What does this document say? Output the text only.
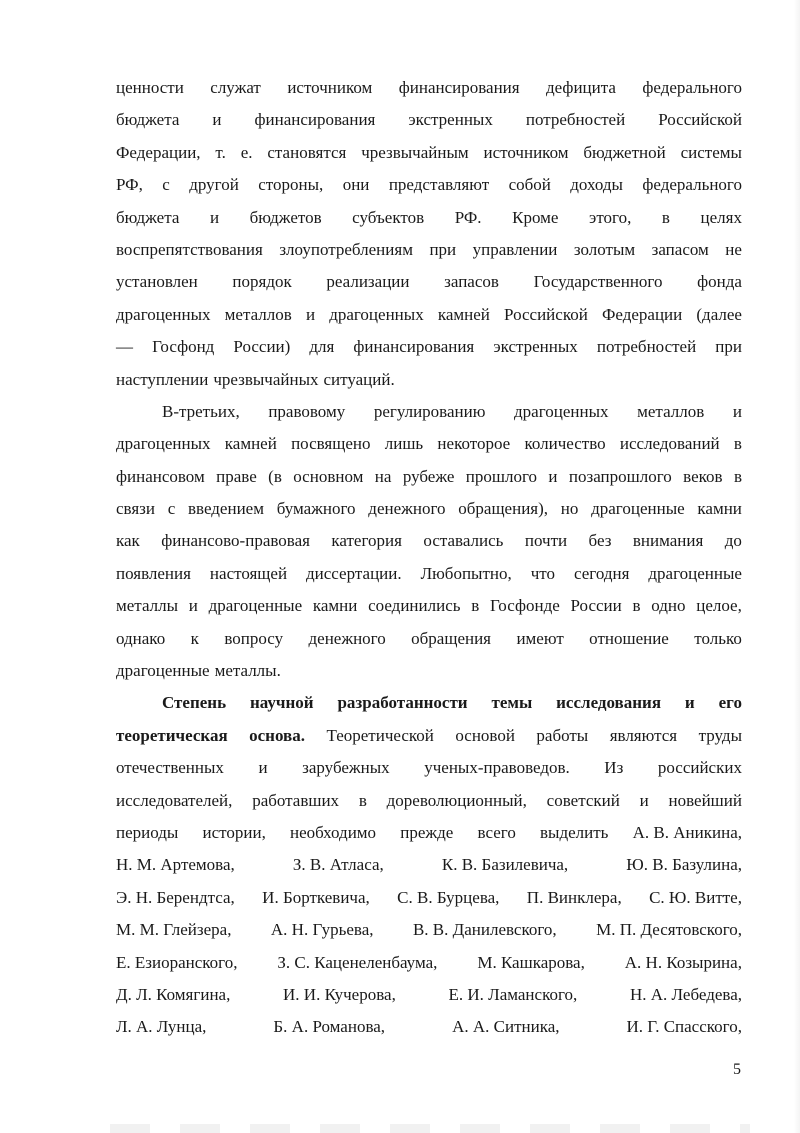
ценности служат источником финансирования дефицита федерального
бюджета и финансирования экстренных потребностей Российской
Федерации, т. е. становятся чрезвычайным источником бюджетной системы
РФ, с другой стороны, они представляют собой доходы федерального
бюджета и бюджетов субъектов РФ. Кроме этого, в целях
воспрепятствования злоупотреблениям при управлении золотым запасом не
установлен порядок реализации запасов Государственного фонда
драгоценных металлов и драгоценных камней Российской Федерации (далее
— Госфонд России) для финансирования экстренных потребностей при
наступлении чрезвычайных ситуаций.
В-третьих, правовому регулированию драгоценных металлов и
драгоценных камней посвящено лишь некоторое количество исследований в
финансовом праве (в основном на рубеже прошлого и позапрошлого веков в
связи с введением бумажного денежного обращения), но драгоценные камни
как финансово-правовая категория оставались почти без внимания до
появления настоящей диссертации. Любопытно, что сегодня драгоценные
металлы и драгоценные камни соединились в Госфонде России в одно целое,
однако к вопросу денежного обращения имеют отношение только
драгоценные металлы.
Степень научной разработанности темы исследования и его
теоретическая основа. Теоретической основой работы являются труды
отечественных и зарубежных ученых-правоведов. Из российских
исследователей, работавших в дореволюционный, советский и новейший
периоды истории, необходимо прежде всего выделить А. В. Аникина,
Н. М. Артемова,	З. В. Атласа,	К. В. Базилевича,	Ю. В. Базулина,
Э. Н. Берендтса, И. Борткевича, С. В. Бурцева, П. Винклера, С. Ю. Витте,
М. М. Глейзера, А. Н. Гурьева, В. В. Данилевского, М. П. Десятовского,
Е. Езиоранского, З. С. Каценеленбаума, М. Кашкарова, А. Н. Козырина,
Д. Л. Комягина,	И. И. Кучерова,	Е. И. Ламанского,	Н. А. Лебедева,
Л. А. Лунца,	Б. А. Романова,	А. А. Ситника,	И. Г. Спасского,
5
